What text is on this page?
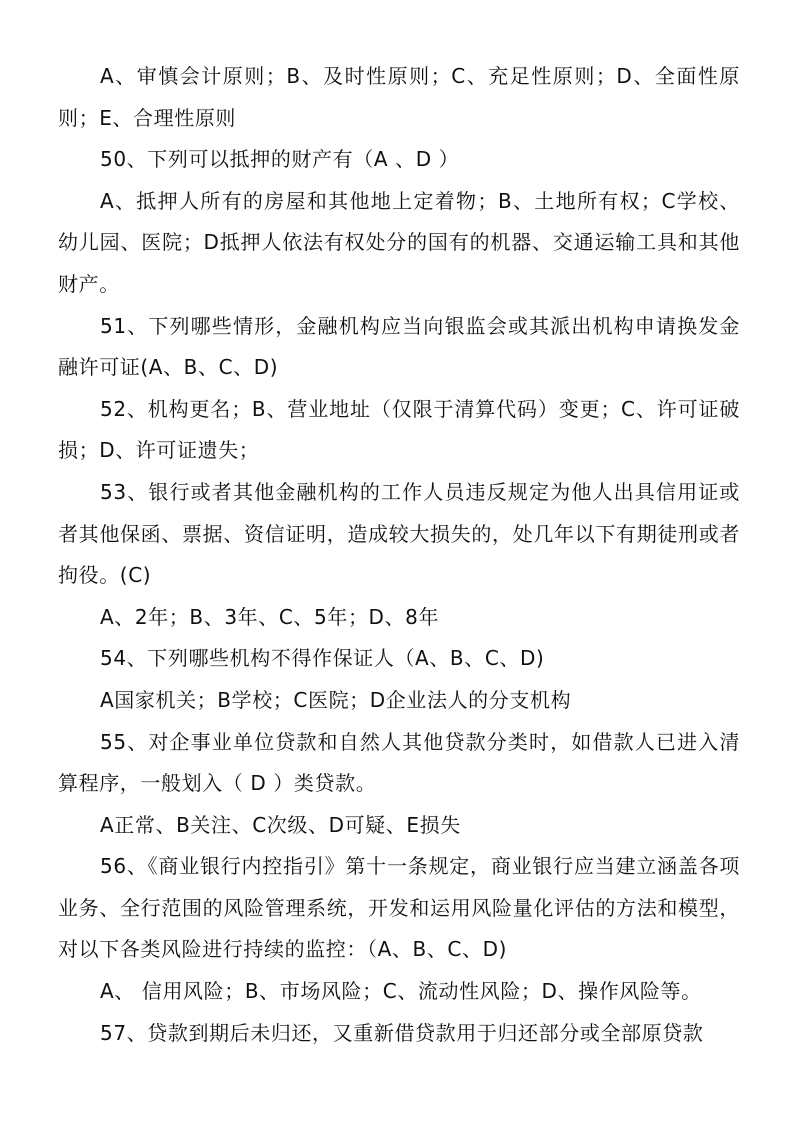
A、审慎会计原则；B、及时性原则；C、充足性原则；D、全面性原则；E、合理性原则

50、下列可以抵押的财产有（A 、D ）

A、抵押人所有的房屋和其他地上定着物；B、土地所有权；C学校、幼儿园、医院；D抵押人依法有权处分的国有的机器、交通运输工具和其他财产。

51、下列哪些情形，金融机构应当向银监会或其派出机构申请换发金融许可证(A、B、C、D)

52、机构更名；B、营业地址（仅限于清算代码）变更；C、许可证破损；D、许可证遗失；

53、银行或者其他金融机构的工作人员违反规定为他人出具信用证或者其他保函、票据、资信证明，造成较大损失的，处几年以下有期徒刑或者拘役。(C)

A、2年；B、3年、C、5年；D、8年

54、下列哪些机构不得作保证人（A、B、C、D)

A国家机关；B学校；C医院；D企业法人的分支机构

55、对企事业单位贷款和自然人其他贷款分类时，如借款人已进入清算程序，一般划入（ D ）类贷款。

A正常、B关注、C次级、D可疑、E损失

56、《商业银行内控指引》第十一条规定，商业银行应当建立涵盖各项业务、全行范围的风险管理系统，开发和运用风险量化评估的方法和模型，对以下各类风险进行持续的监控：（A、B、C、D)

A、 信用风险；B、市场风险；C、流动性风险；D、操作风险等。

57、贷款到期后未归还，又重新借贷款用于归还部分或全部原贷款
